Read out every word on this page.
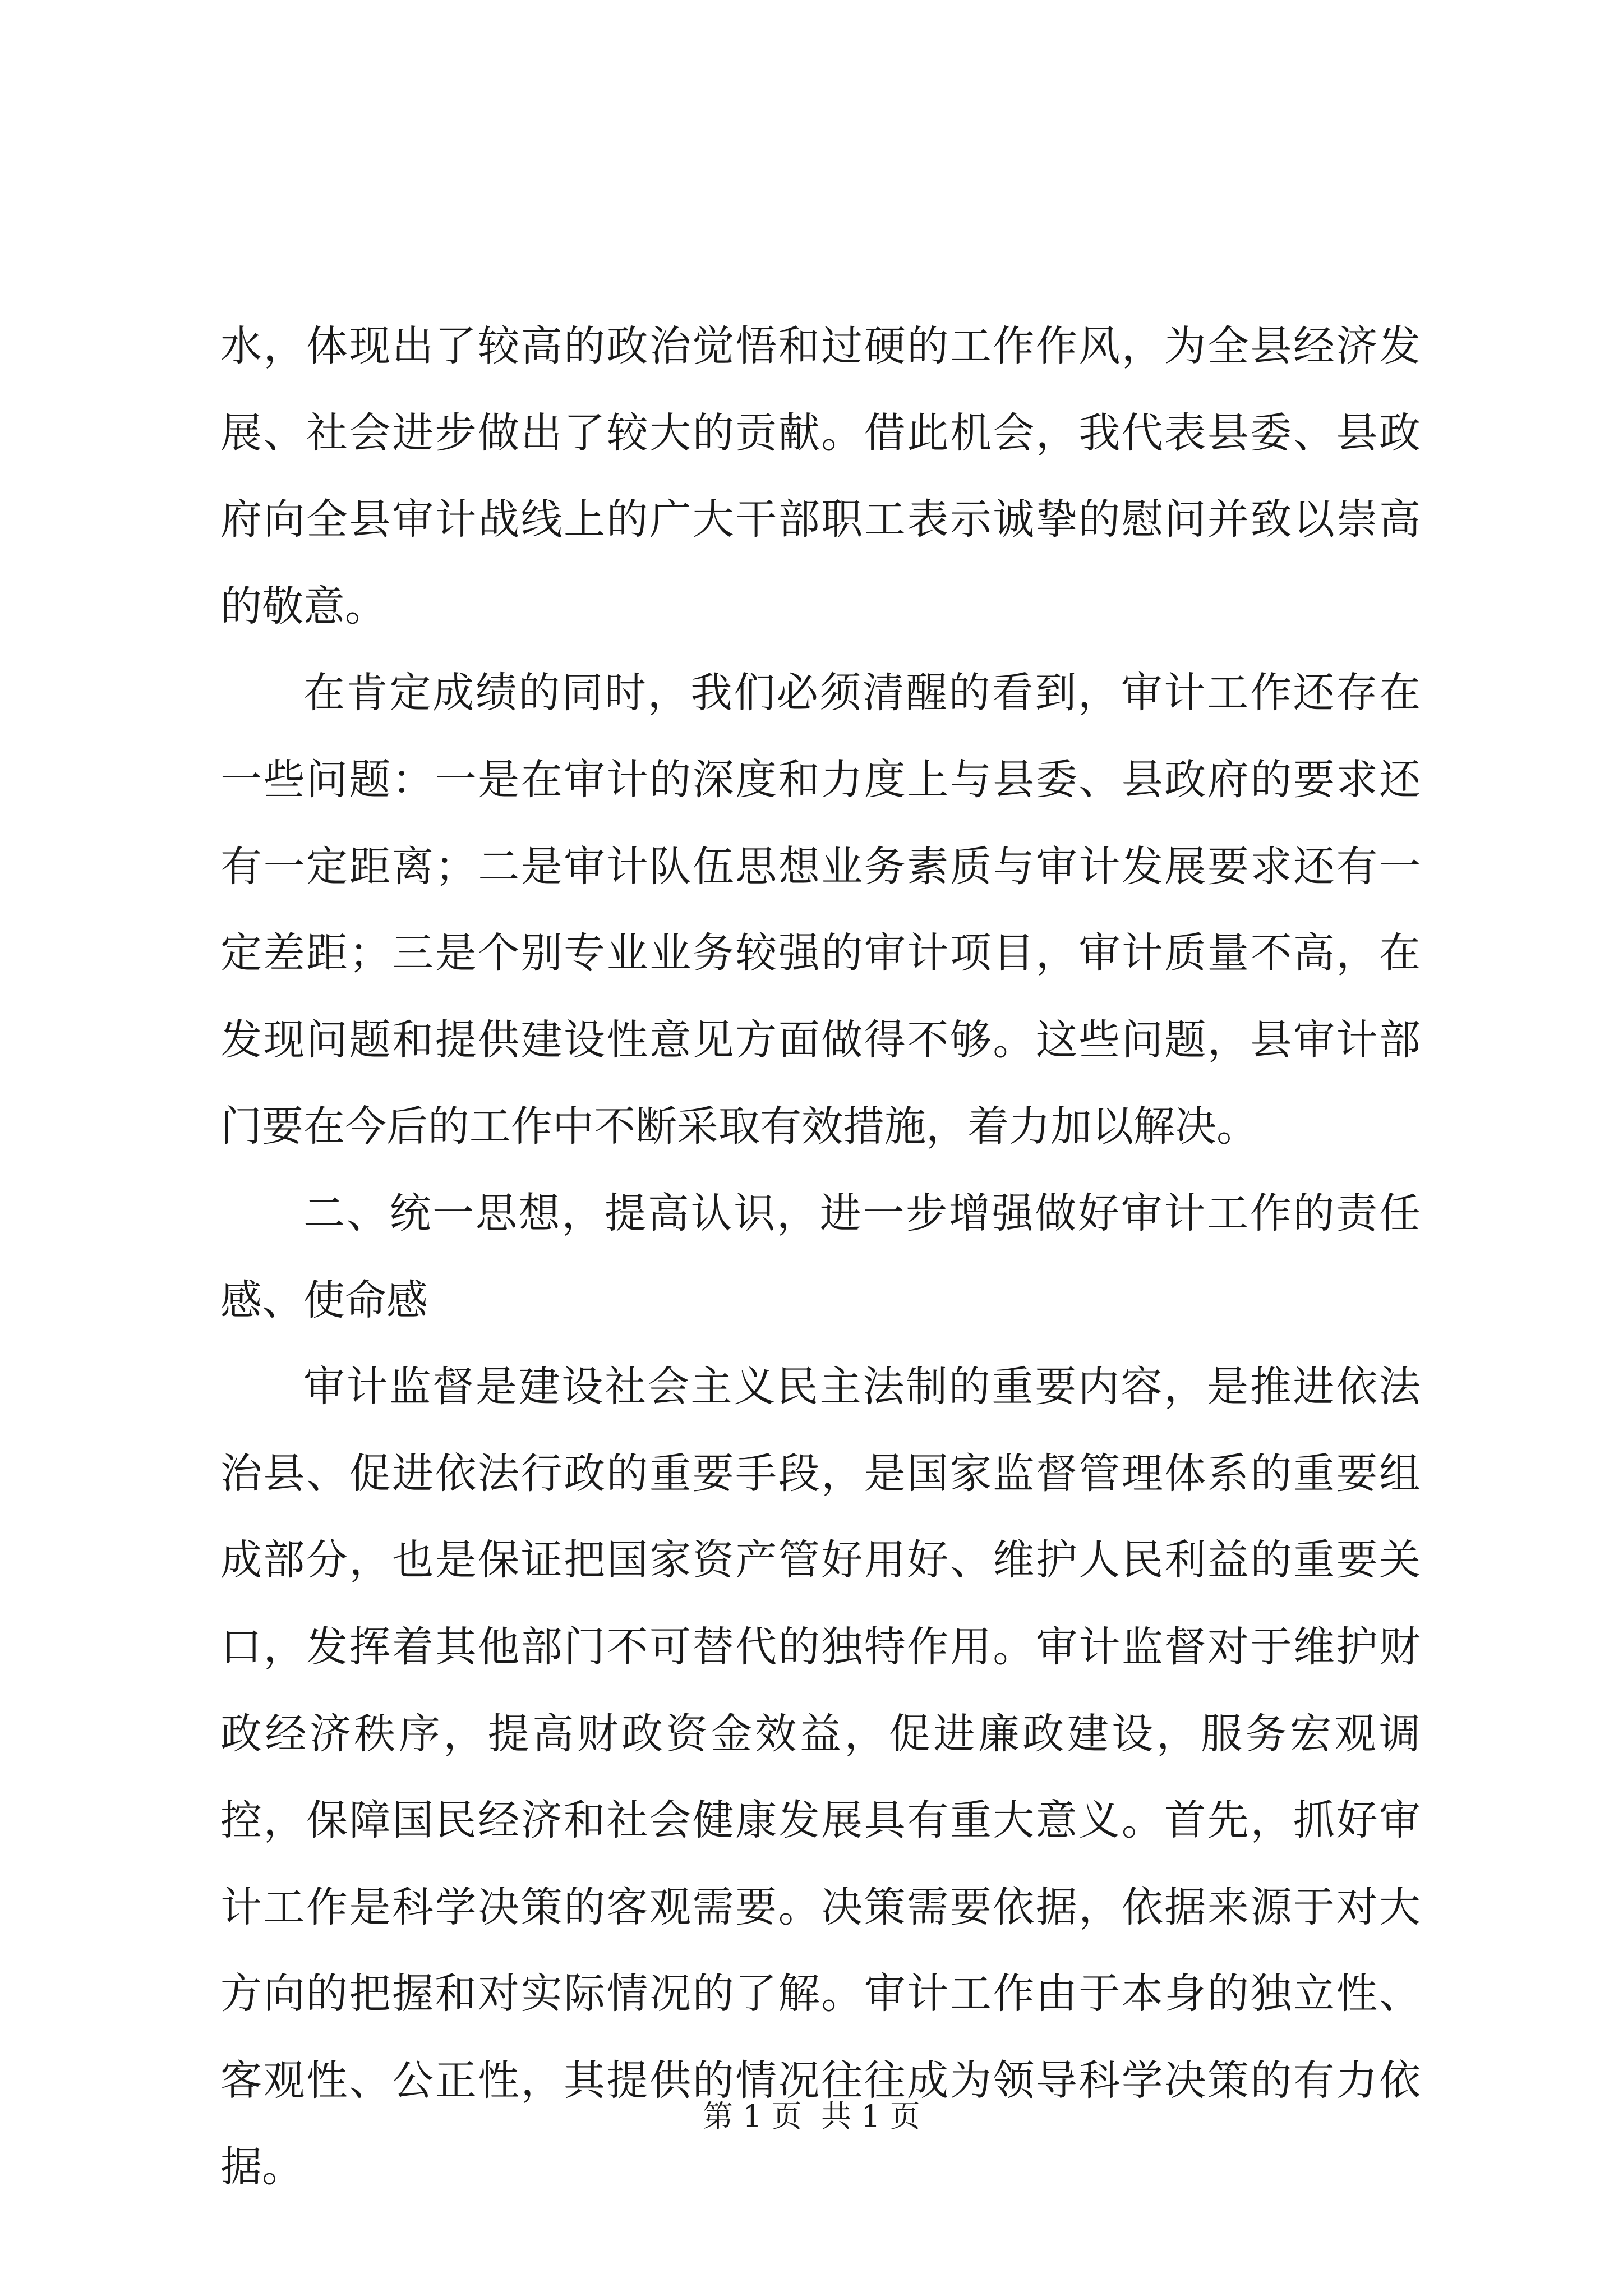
水，体现出了较高的政治觉悟和过硬的工作作风，为全县经济发展、社会进步做出了较大的贡献。借此机会，我代表县委、县政府向全县审计战线上的广大干部职工表示诚挚的慰问并致以崇高的敬意。

在肯定成绩的同时，我们必须清醒的看到，审计工作还存在一些问题：一是在审计的深度和力度上与县委、县政府的要求还有一定距离；二是审计队伍思想业务素质与审计发展要求还有一定差距；三是个别专业业务较强的审计项目，审计质量不高，在发现问题和提供建设性意见方面做得不够。这些问题，县审计部门要在今后的工作中不断采取有效措施，着力加以解决。

二、统一思想，提高认识，进一步增强做好审计工作的责任感、使命感

审计监督是建设社会主义民主法制的重要内容，是推进依法治县、促进依法行政的重要手段，是国家监督管理体系的重要组成部分，也是保证把国家资产管好用好、维护人民利益的重要关口，发挥着其他部门不可替代的独特作用。审计监督对于维护财政经济秩序，提高财政资金效益，促进廉政建设，服务宏观调控，保障国民经济和社会健康发展具有重大意义。首先，抓好审计工作是科学决策的客观需要。决策需要依据，依据来源于对大方向的把握和对实际情况的了解。审计工作由于本身的独立性、客观性、公正性，其提供的情况往往成为领导科学决策的有力依据。

第 1 页  共 1 页
